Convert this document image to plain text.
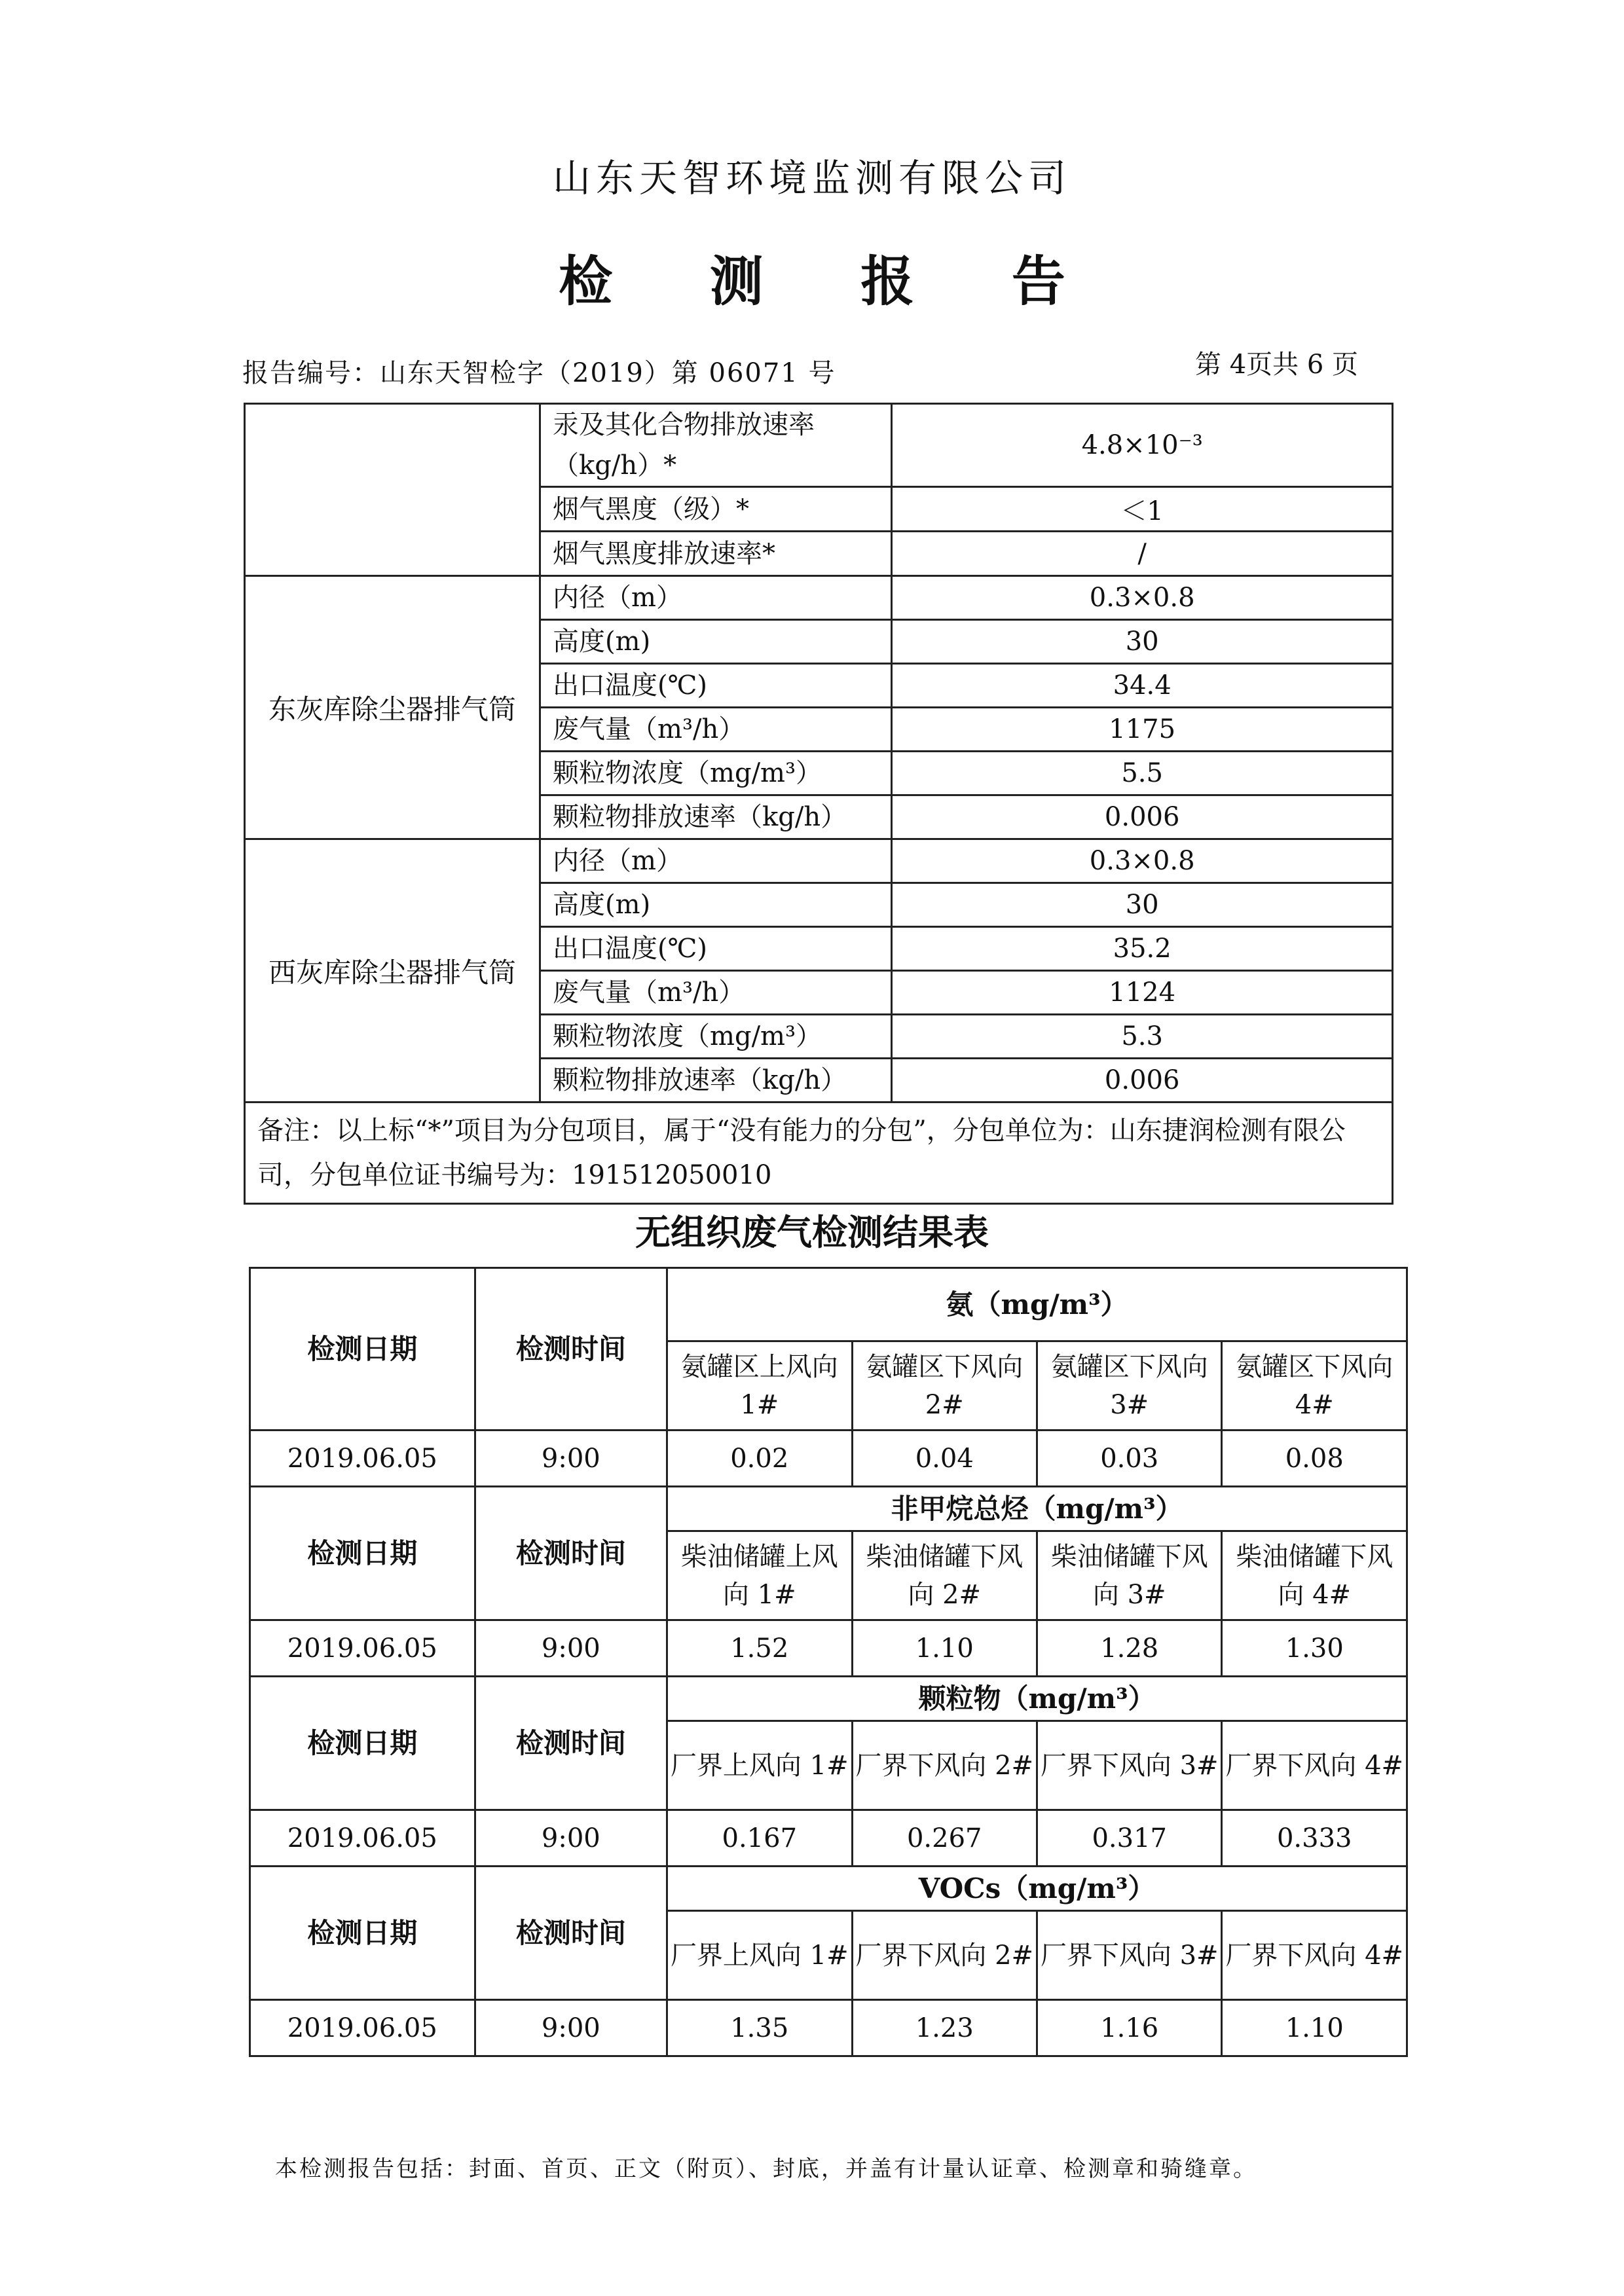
山东天智环境监测有限公司
检 测 报 告
报告编号：山东天智检字（2019）第 06071 号	第 4页共 6 页
	汞及其化合物排放速率（kg/h）*	4.8×10⁻³
	烟气黑度（级）*	＜1
	烟气黑度排放速率*	/
东灰库除尘器排气筒	内径（m）	0.3×0.8
	高度(m)	30
	出口温度(℃)	34.4
	废气量（m³/h）	1175
	颗粒物浓度（mg/m³）	5.5
	颗粒物排放速率（kg/h）	0.006
西灰库除尘器排气筒	内径（m）	0.3×0.8
	高度(m)	30
	出口温度(℃)	35.2
	废气量（m³/h）	1124
	颗粒物浓度（mg/m³）	5.3
	颗粒物排放速率（kg/h）	0.006
备注：以上标“*”项目为分包项目，属于“没有能力的分包”，分包单位为：山东捷润检测有限公司，分包单位证书编号为：191512050010		
无组织废气检测结果表
检测日期	检测时间	氨（mg/m³）			
		氨罐区上风向 1#	氨罐区下风向 2#	氨罐区下风向 3#	氨罐区下风向 4#
2019.06.05	9:00	0.02	0.04	0.03	0.08
检测日期	检测时间	非甲烷总烃（mg/m³）			
		柴油储罐上风向 1#	柴油储罐下风向 2#	柴油储罐下风向 3#	柴油储罐下风向 4#
2019.06.05	9:00	1.52	1.10	1.28	1.30
检测日期	检测时间	颗粒物（mg/m³）			
		厂界上风向 1#	厂界下风向 2#	厂界下风向 3#	厂界下风向 4#
2019.06.05	9:00	0.167	0.267	0.317	0.333
检测日期	检测时间	VOCs（mg/m³）			
		厂界上风向 1#	厂界下风向 2#	厂界下风向 3#	厂界下风向 4#
2019.06.05	9:00	1.35	1.23	1.16	1.10
本检测报告包括：封面、首页、正文（附页）、封底，并盖有计量认证章、检测章和骑缝章。
